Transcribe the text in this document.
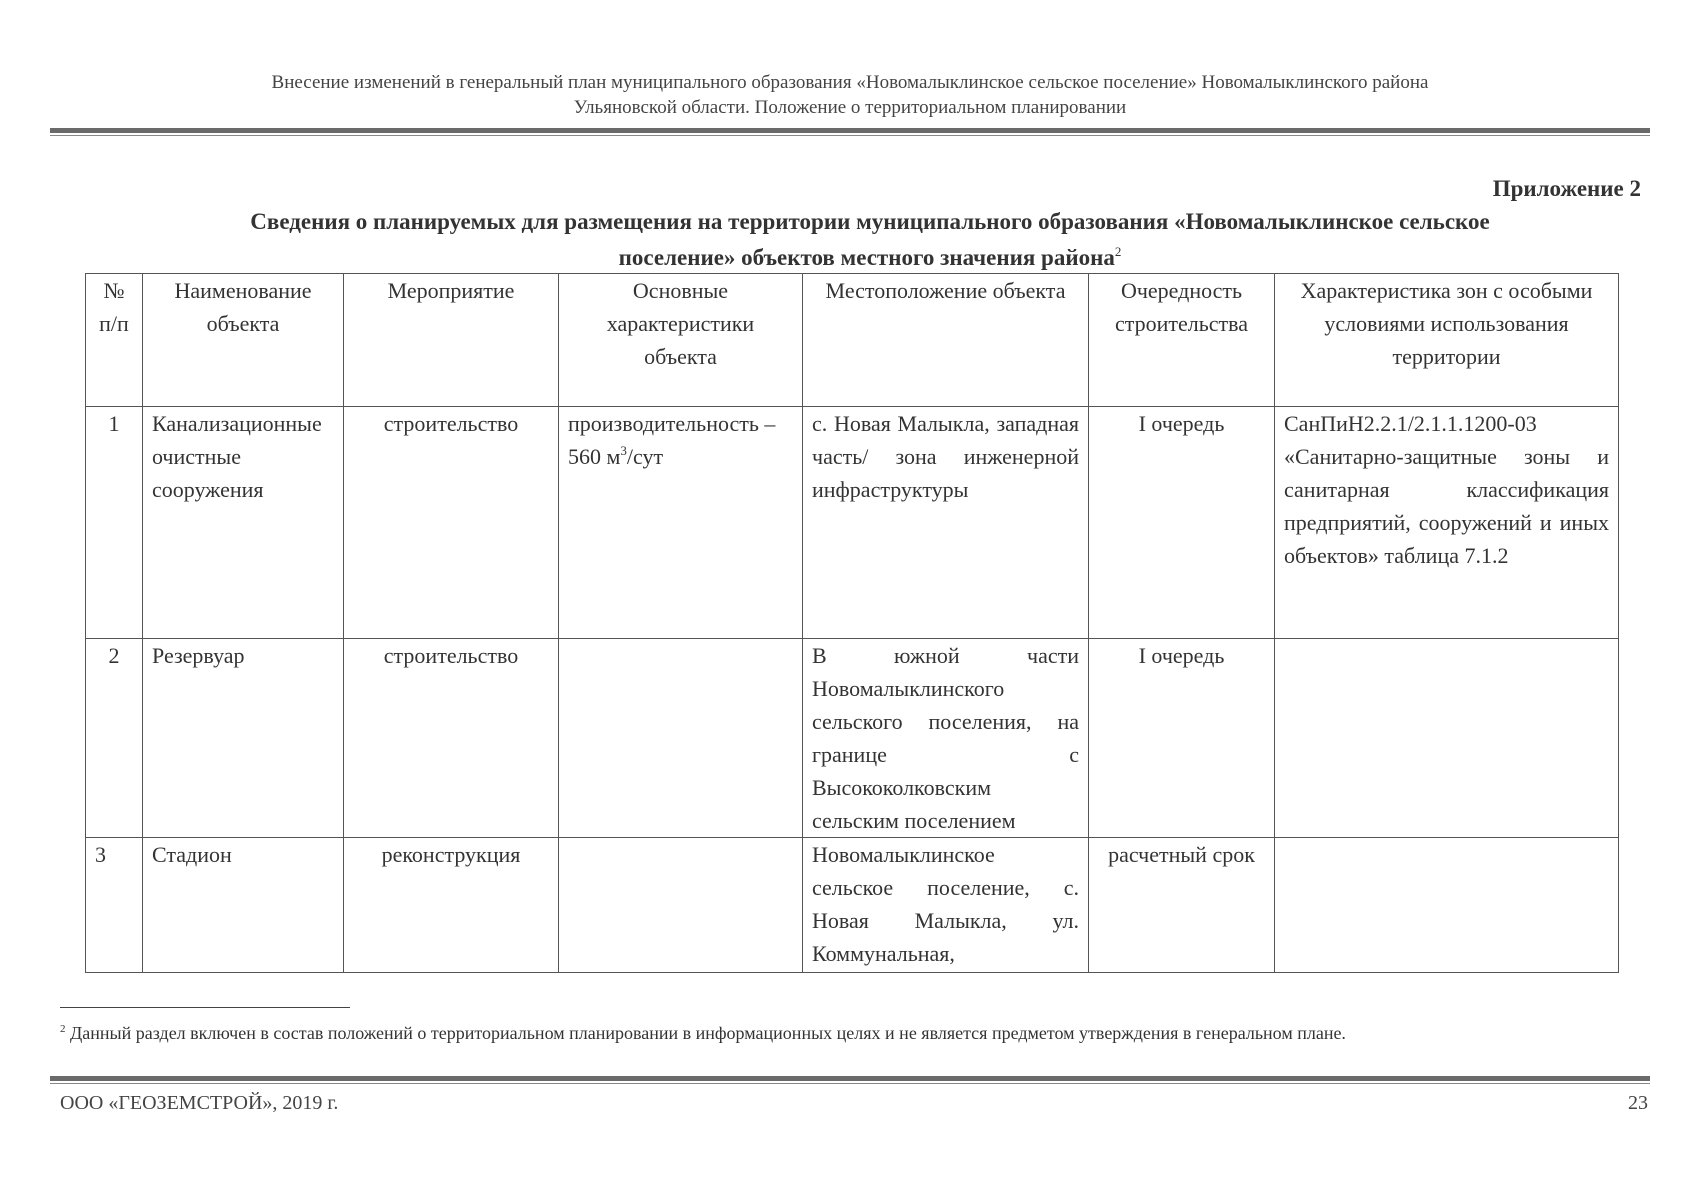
Внесение изменений в генеральный план муниципального образования «Новомалыклинское сельское поселение» Новомалыклинского района
Ульяновской области. Положение о территориальном планировании
Приложение 2
Сведения о планируемых для размещения на территории муниципального образования «Новомалыклинское сельское
поселение» объектов местного значения района$^2$
№ п/п	Наименование объекта	Мероприятие	Основные характеристики объекта	Местоположение объекта	Очередность строительства	Характеристика зон с особыми условиями использования территории
1	Канализационные очистные сооружения	строительство	производительность – 560 $м^3$/сут	с. Новая Малыкла, западная часть/ зона инженерной инфраструктуры	I очередь	СанПиН2.2.1/2.1.1.1200-03 «Санитарно-защитные зоны и санитарная классификация предприятий, сооружений и иных объектов» таблица 7.1.2
2	Резервуар	строительство		В южной части Новомалыклинского сельского поселения, на границе с Высококолковским сельским поселением	I очередь	
3	Стадион	реконструкция		Новомалыклинское сельское поселение, с. Новая Малыкла, ул. Коммунальная,	расчетный срок	
$^2$ Данный раздел включен в состав положений о территориальном планировании в информационных целях и не является предметом утверждения в генеральном плане.
ООО «ГЕОЗЕМСТРОЙ», 2019 г.	23
